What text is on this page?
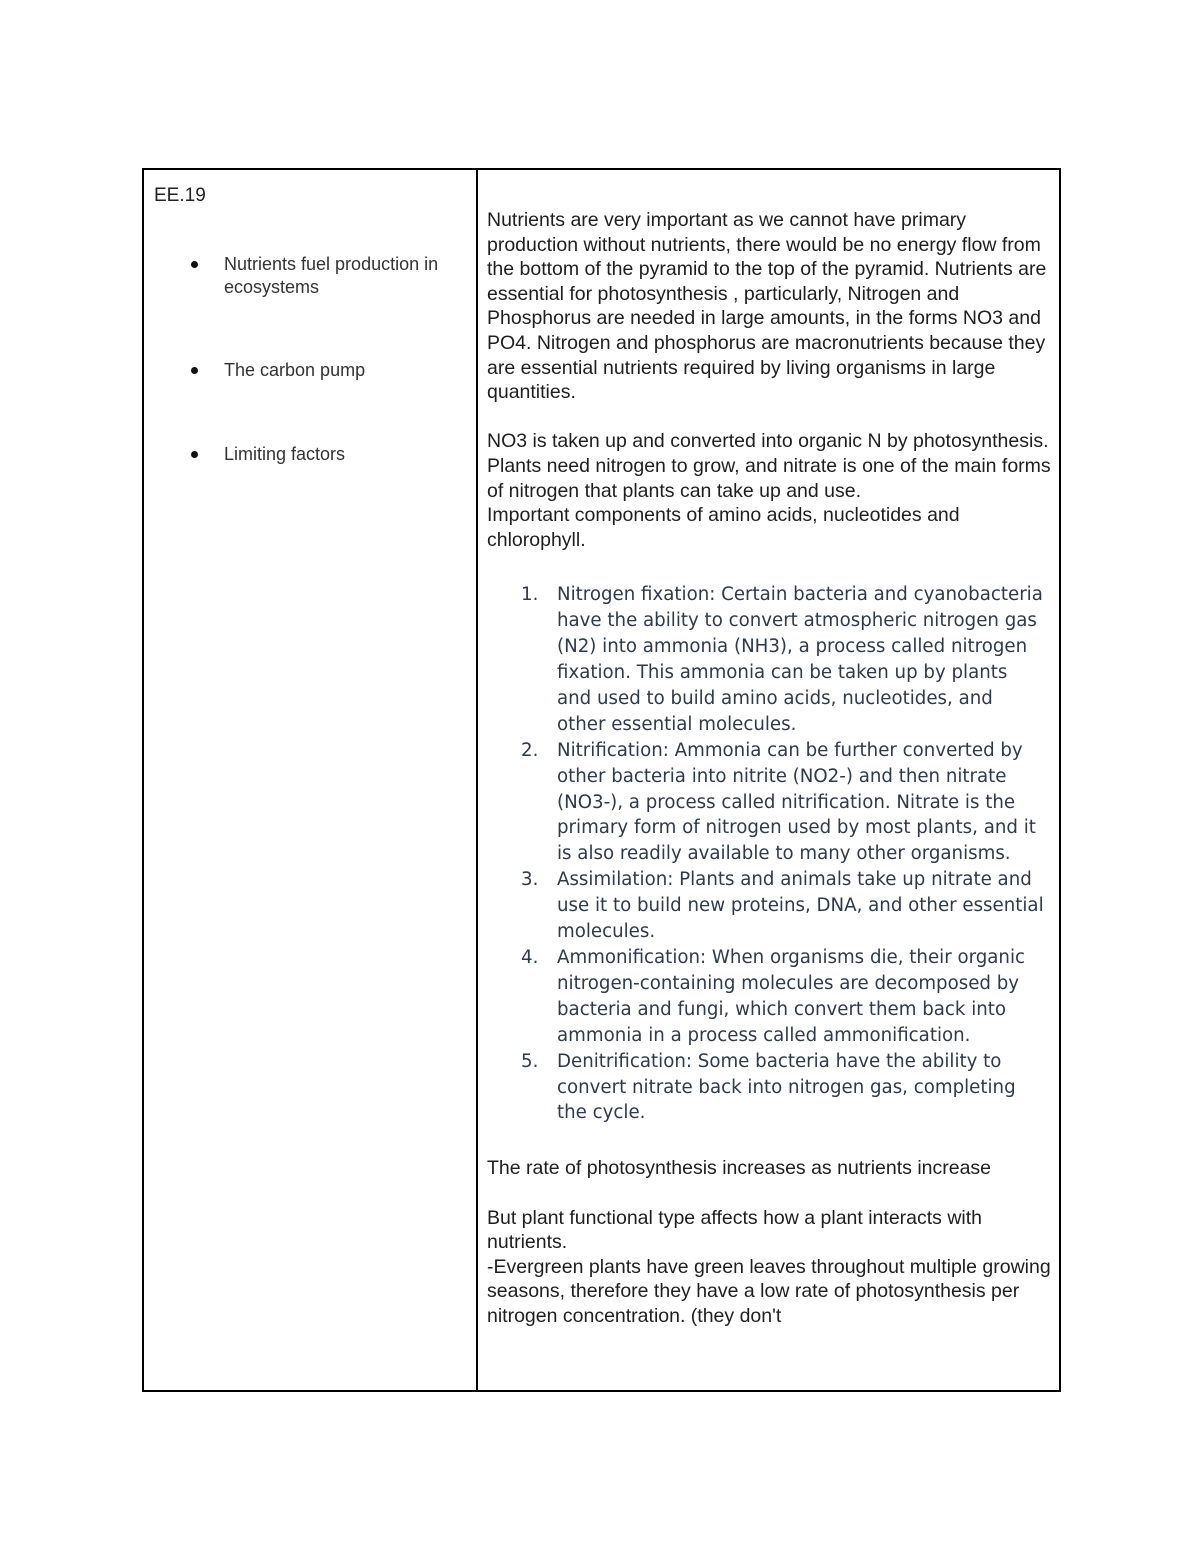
EE.19
Nutrients fuel production in ecosystems
The carbon pump
Limiting factors

Nutrients are very important as we cannot have primary production without nutrients, there would be no energy flow from the bottom of the pyramid to the top of the pyramid. Nutrients are essential for photosynthesis , particularly, Nitrogen and Phosphorus are needed in large amounts, in the forms NO3 and PO4. Nitrogen and phosphorus are macronutrients because they are essential nutrients required by living organisms in large quantities.

NO3 is taken up and converted into organic N by photosynthesis.

Plants need nitrogen to grow, and nitrate is one of the main forms of nitrogen that plants can take up and use.

Important components of amino acids, nucleotides and chlorophyll.

1.	Nitrogen fixation: Certain bacteria and cyanobacteria have the ability to convert atmospheric nitrogen gas (N2) into ammonia (NH3), a process called nitrogen fixation. This ammonia can be taken up by plants and used to build amino acids, nucleotides, and other essential molecules.
2.	Nitrification: Ammonia can be further converted by other bacteria into nitrite (NO2-) and then nitrate (NO3-), a process called nitrification. Nitrate is the primary form of nitrogen used by most plants, and it is also readily available to many other organisms.
3.	Assimilation: Plants and animals take up nitrate and use it to build new proteins, DNA, and other essential molecules.
4.	Ammonification: When organisms die, their organic nitrogen-containing molecules are decomposed by bacteria and fungi, which convert them back into ammonia in a process called ammonification.
5.	Denitrification: Some bacteria have the ability to convert nitrate back into nitrogen gas, completing the cycle.

The rate of photosynthesis increases as nutrients increase

But plant functional type affects how a plant interacts with nutrients.

-Evergreen plants have green leaves throughout multiple growing seasons, therefore they have a low rate of photosynthesis per nitrogen concentration. (they don't
